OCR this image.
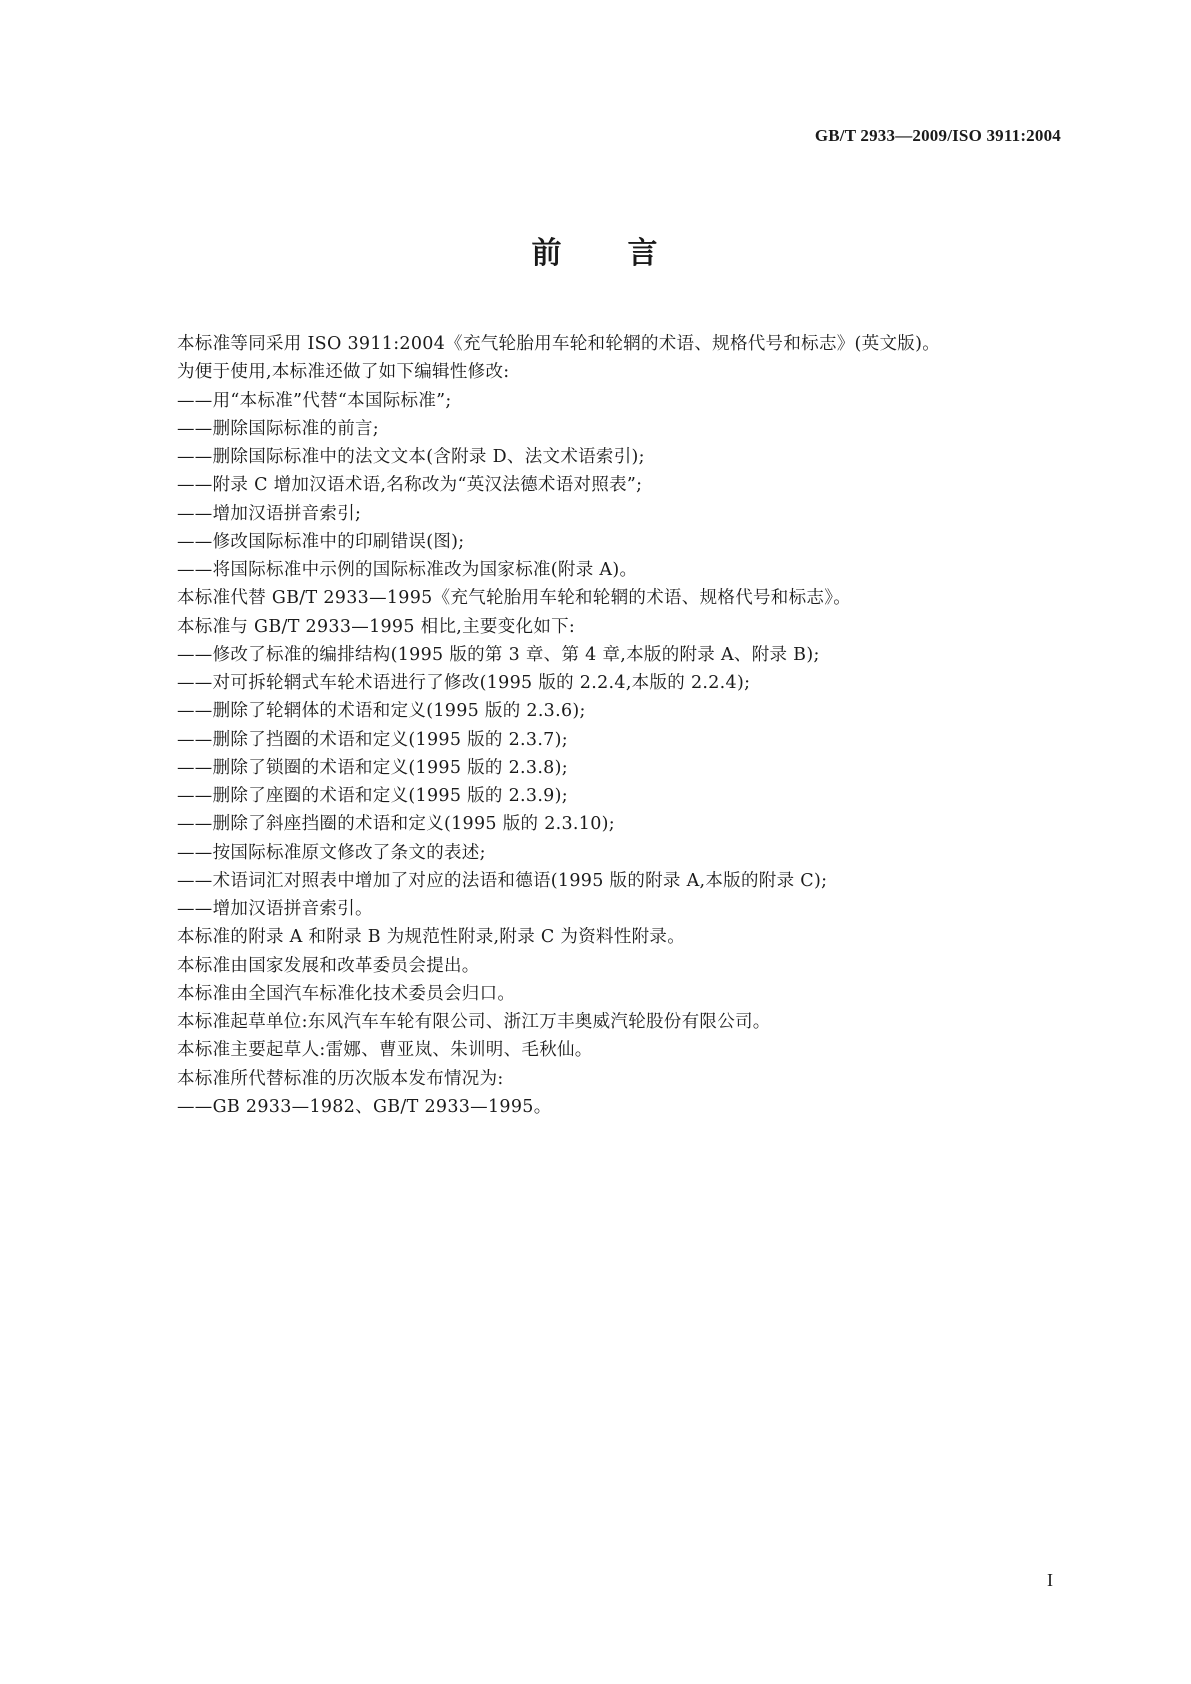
GB/T 2933—2009/ISO 3911:2004
前 言
本标准等同采用 ISO 3911:2004《充气轮胎用车轮和轮辋的术语、规格代号和标志》(英文版)。
为便于使用,本标准还做了如下编辑性修改:
——用“本标准”代替“本国际标准”;
——删除国际标准的前言;
——删除国际标准中的法文文本(含附录 D、法文术语索引);
——附录 C 增加汉语术语,名称改为“英汉法德术语对照表”;
——增加汉语拼音索引;
——修改国际标准中的印刷错误(图);
——将国际标准中示例的国际标准改为国家标准(附录 A)。
本标准代替 GB/T 2933—1995《充气轮胎用车轮和轮辋的术语、规格代号和标志》。
本标准与 GB/T 2933—1995 相比,主要变化如下:
——修改了标准的编排结构(1995 版的第 3 章、第 4 章,本版的附录 A、附录 B);
——对可拆轮辋式车轮术语进行了修改(1995 版的 2.2.4,本版的 2.2.4);
——删除了轮辋体的术语和定义(1995 版的 2.3.6);
——删除了挡圈的术语和定义(1995 版的 2.3.7);
——删除了锁圈的术语和定义(1995 版的 2.3.8);
——删除了座圈的术语和定义(1995 版的 2.3.9);
——删除了斜座挡圈的术语和定义(1995 版的 2.3.10);
——按国际标准原文修改了条文的表述;
——术语词汇对照表中增加了对应的法语和德语(1995 版的附录 A,本版的附录 C);
——增加汉语拼音索引。
本标准的附录 A 和附录 B 为规范性附录,附录 C 为资料性附录。
本标准由国家发展和改革委员会提出。
本标准由全国汽车标准化技术委员会归口。
本标准起草单位:东风汽车车轮有限公司、浙江万丰奥威汽轮股份有限公司。
本标准主要起草人:雷娜、曹亚岚、朱训明、毛秋仙。
本标准所代替标准的历次版本发布情况为:
——GB 2933—1982、GB/T 2933—1995。
I
